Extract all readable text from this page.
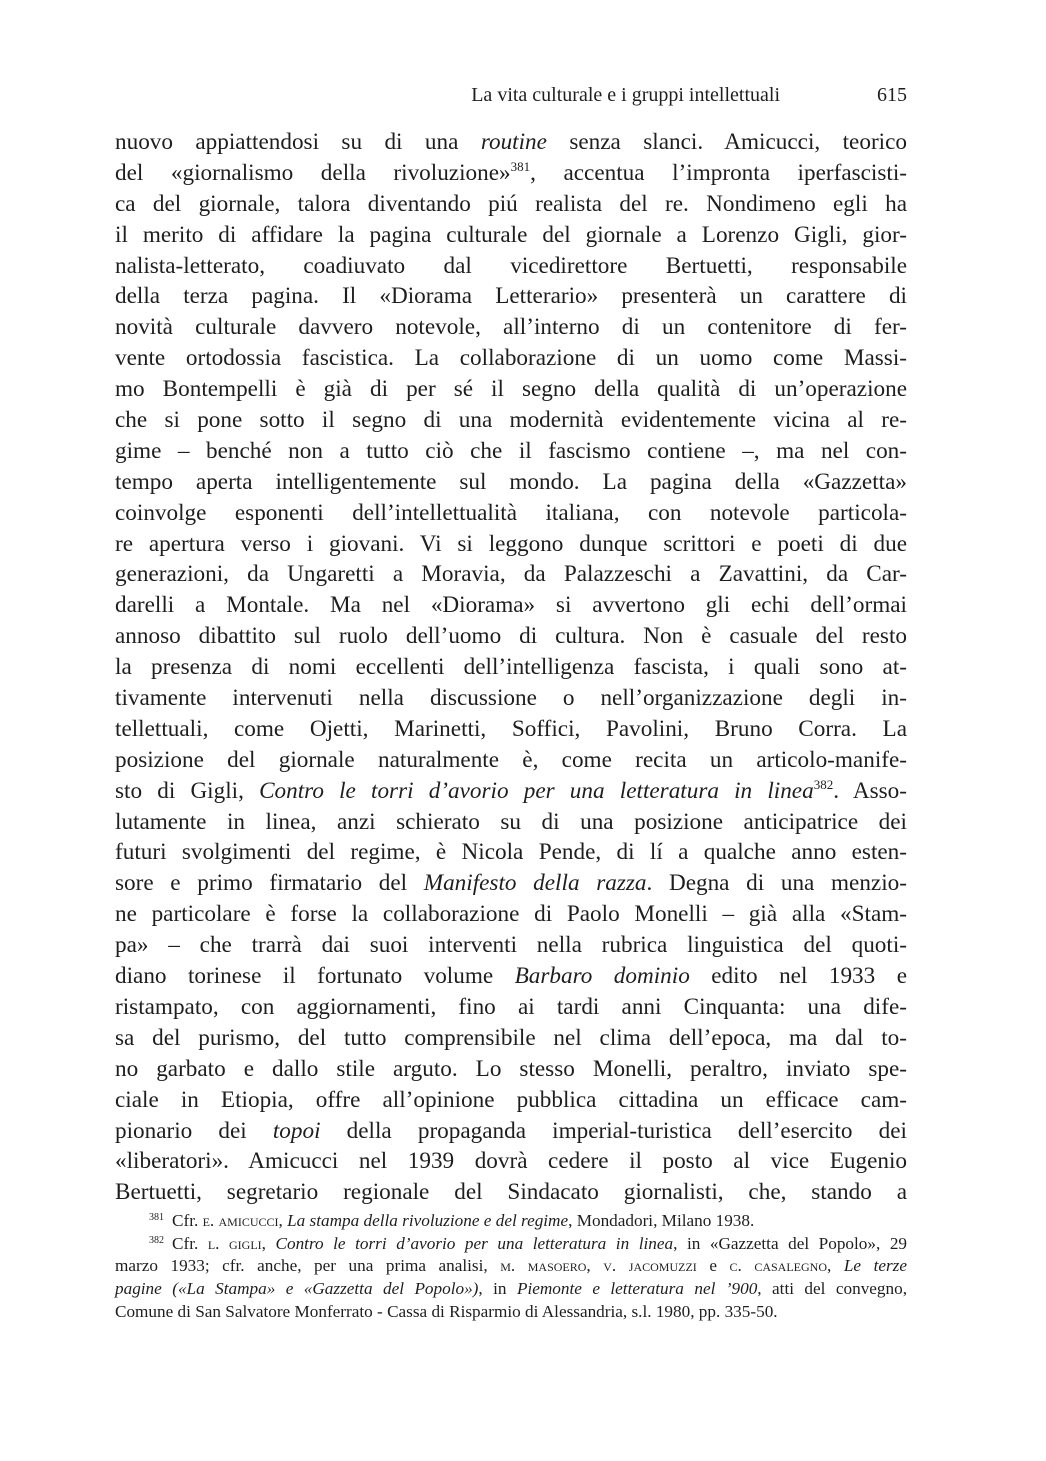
La vita culturale e i gruppi intellettuali	615
nuovo appiattendosi su di una routine senza slanci. Amicucci, teorico
del «giornalismo della rivoluzione»$^{381}$, accentua l’impronta iperfascisti-
ca del giornale, talora diventando piú realista del re. Nondimeno egli ha
il merito di affidare la pagina culturale del giornale a Lorenzo Gigli, gior-
nalista-letterato, coadiuvato dal vicedirettore Bertuetti, responsabile
della terza pagina. Il «Diorama Letterario» presenterà un carattere di
novità culturale davvero notevole, all’interno di un contenitore di fer-
vente ortodossia fascistica. La collaborazione di un uomo come Massi-
mo Bontempelli è già di per sé il segno della qualità di un’operazione
che si pone sotto il segno di una modernità evidentemente vicina al re-
gime – benché non a tutto ciò che il fascismo contiene –, ma nel con-
tempo aperta intelligentemente sul mondo. La pagina della «Gazzetta»
coinvolge esponenti dell’intellettualità italiana, con notevole particola-
re apertura verso i giovani. Vi si leggono dunque scrittori e poeti di due
generazioni, da Ungaretti a Moravia, da Palazzeschi a Zavattini, da Car-
darelli a Montale. Ma nel «Diorama» si avvertono gli echi dell’ormai
annoso dibattito sul ruolo dell’uomo di cultura. Non è casuale del resto
la presenza di nomi eccellenti dell’intelligenza fascista, i quali sono at-
tivamente intervenuti nella discussione o nell’organizzazione degli in-
tellettuali, come Ojetti, Marinetti, Soffici, Pavolini, Bruno Corra. La
posizione del giornale naturalmente è, come recita un articolo-manife-
sto di Gigli, Contro le torri d’avorio per una letteratura in linea$^{382}$. Asso-
lutamente in linea, anzi schierato su di una posizione anticipatrice dei
futuri svolgimenti del regime, è Nicola Pende, di lí a qualche anno esten-
sore e primo firmatario del Manifesto della razza. Degna di una menzio-
ne particolare è forse la collaborazione di Paolo Monelli – già alla «Stam-
pa» – che trarrà dai suoi interventi nella rubrica linguistica del quoti-
diano torinese il fortunato volume Barbaro dominio edito nel 1933 e
ristampato, con aggiornamenti, fino ai tardi anni Cinquanta: una dife-
sa del purismo, del tutto comprensibile nel clima dell’epoca, ma dal to-
no garbato e dallo stile arguto. Lo stesso Monelli, peraltro, inviato spe-
ciale in Etiopia, offre all’opinione pubblica cittadina un efficace cam-
pionario dei topoi della propaganda imperial-turistica dell’esercito dei
«liberatori». Amicucci nel 1939 dovrà cedere il posto al vice Eugenio
Bertuetti, segretario regionale del Sindacato giornalisti, che, stando a
$^{381}$ Cfr. e. amicucci, La stampa della rivoluzione e del regime, Mondadori, Milano 1938.
$^{382}$ Cfr. l. gigli, Contro le torri d’avorio per una letteratura in linea, in «Gazzetta del Popolo», 29
marzo 1933; cfr. anche, per una prima analisi, m. masoero, v. jacomuzzi e c. casalegno, Le terze
pagine («La Stampa» e «Gazzetta del Popolo»), in Piemonte e letteratura nel ’900, atti del convegno,
Comune di San Salvatore Monferrato - Cassa di Risparmio di Alessandria, s.l. 1980, pp. 335-50.
